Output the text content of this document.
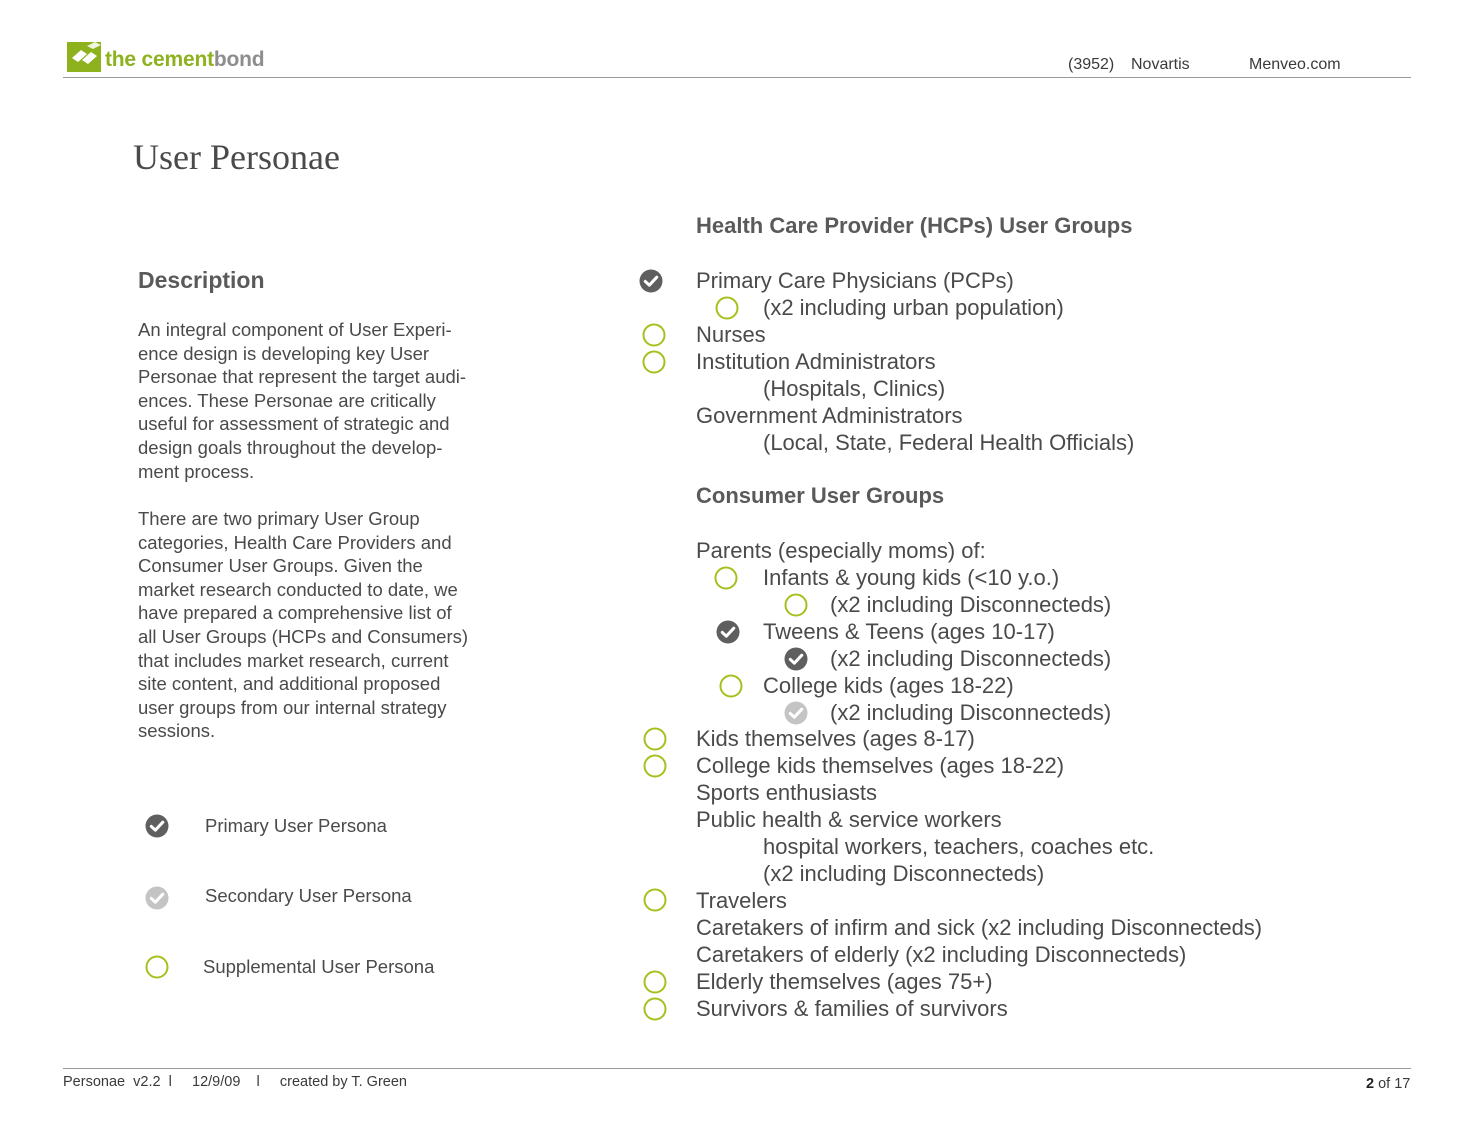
the cementbond	(3952) Novartis	Menveo.com
User Personae
Description
An integral component of User Experi-
ence design is developing key User
Personae that represent the target audi-
ences. These Personae are critically
useful for assessment of strategic and
design goals throughout the develop-
ment process.
There are two primary User Group
categories, Health Care Providers and
Consumer User Groups. Given the
market research conducted to date, we
have prepared a comprehensive list of
all User Groups (HCPs and Consumers)
that includes market research, current
site content, and additional proposed
user groups from our internal strategy
sessions.
Primary User Persona
Secondary User Persona
Supplemental User Persona
Health Care Provider (HCPs) User Groups
Primary Care Physicians (PCPs)
(x2 including urban population)
Nurses
Institution Administrators
(Hospitals, Clinics)
Government Administrators
(Local, State, Federal Health Officials)
Consumer User Groups
Parents (especially moms) of:
Infants & young kids (<10 y.o.)
(x2 including Disconnecteds)
Tweens & Teens (ages 10-17)
(x2 including Disconnecteds)
College kids (ages 18-22)
(x2 including Disconnecteds)
Kids themselves (ages 8-17)
College kids themselves (ages 18-22)
Sports enthusiasts
Public health & service workers
hospital workers, teachers, coaches etc.
(x2 including Disconnecteds)
Travelers
Caretakers of infirm and sick (x2 including Disconnecteds)
Caretakers of elderly (x2 including Disconnecteds)
Elderly themselves (ages 75+)
Survivors & families of survivors
Personae  v2.2 l 12/9/09 l created by T. Green	2 of 17
